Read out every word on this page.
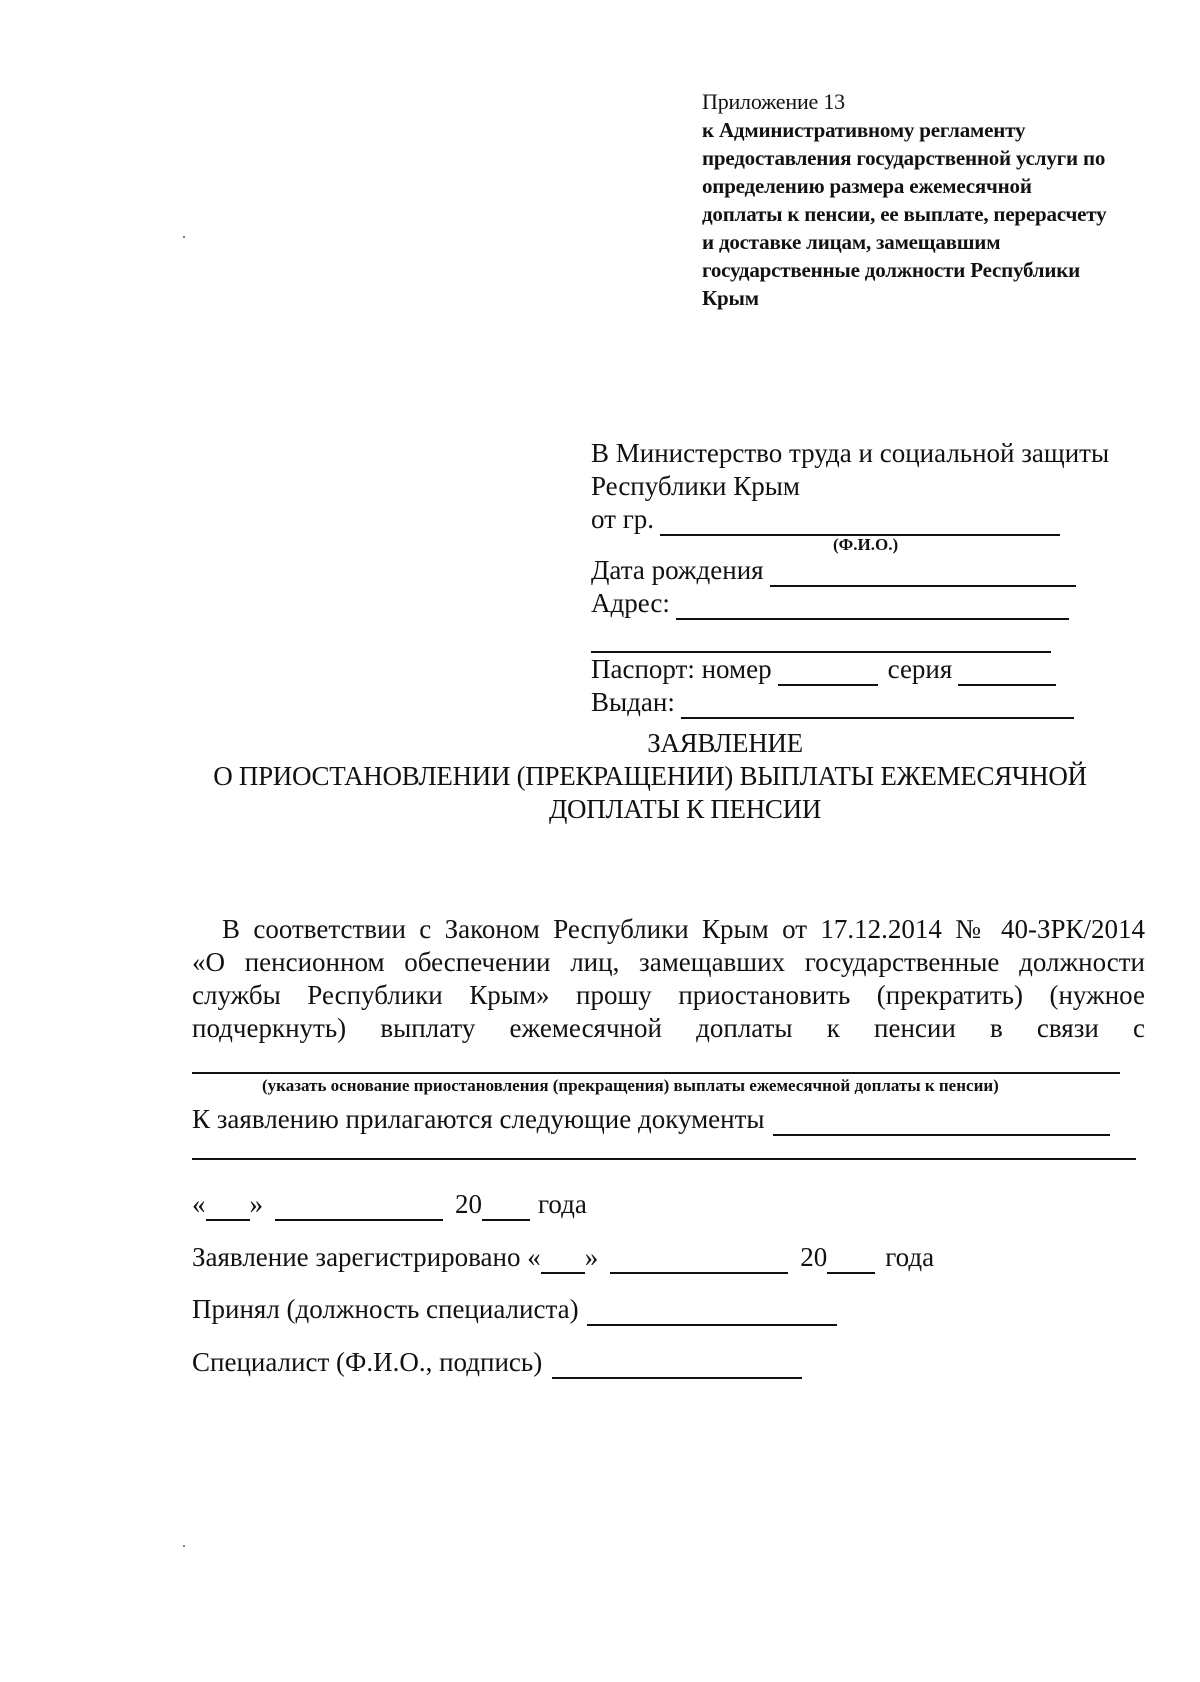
Приложение 13
к Административному регламенту
предоставления государственной услуги по
определению размера ежемесячной
доплаты к пенсии, ее выплате, перерасчету
и доставке лицам, замещавшим
государственные должности Республики
Крым
В Министерство труда и социальной защиты
Республики Крым
от гр.
(Ф.И.О.)
Дата рождения
Адрес:
Паспорт: номер	серия
Выдан:
ЗАЯВЛЕНИЕ
О ПРИОСТАНОВЛЕНИИ (ПРЕКРАЩЕНИИ) ВЫПЛАТЫ ЕЖЕМЕСЯЧНОЙ
ДОПЛАТЫ К ПЕНСИИ
В соответствии с Законом Республики Крым от 17.12.2014 № 40-ЗРК/2014
«О пенсионном обеспечении лиц, замещавших государственные должности
службы Республики Крым» прошу приостановить (прекратить) (нужное
подчеркнуть) выплату ежемесячной доплаты к пенсии в связи с
(указать основание приостановления (прекращения) выплаты ежемесячной доплаты к пенсии)
К заявлению прилагаются следующие документы
« »	20 года
Заявление зарегистрировано « »	20 года
Принял (должность специалиста)
Специалист (Ф.И.О., подпись)
